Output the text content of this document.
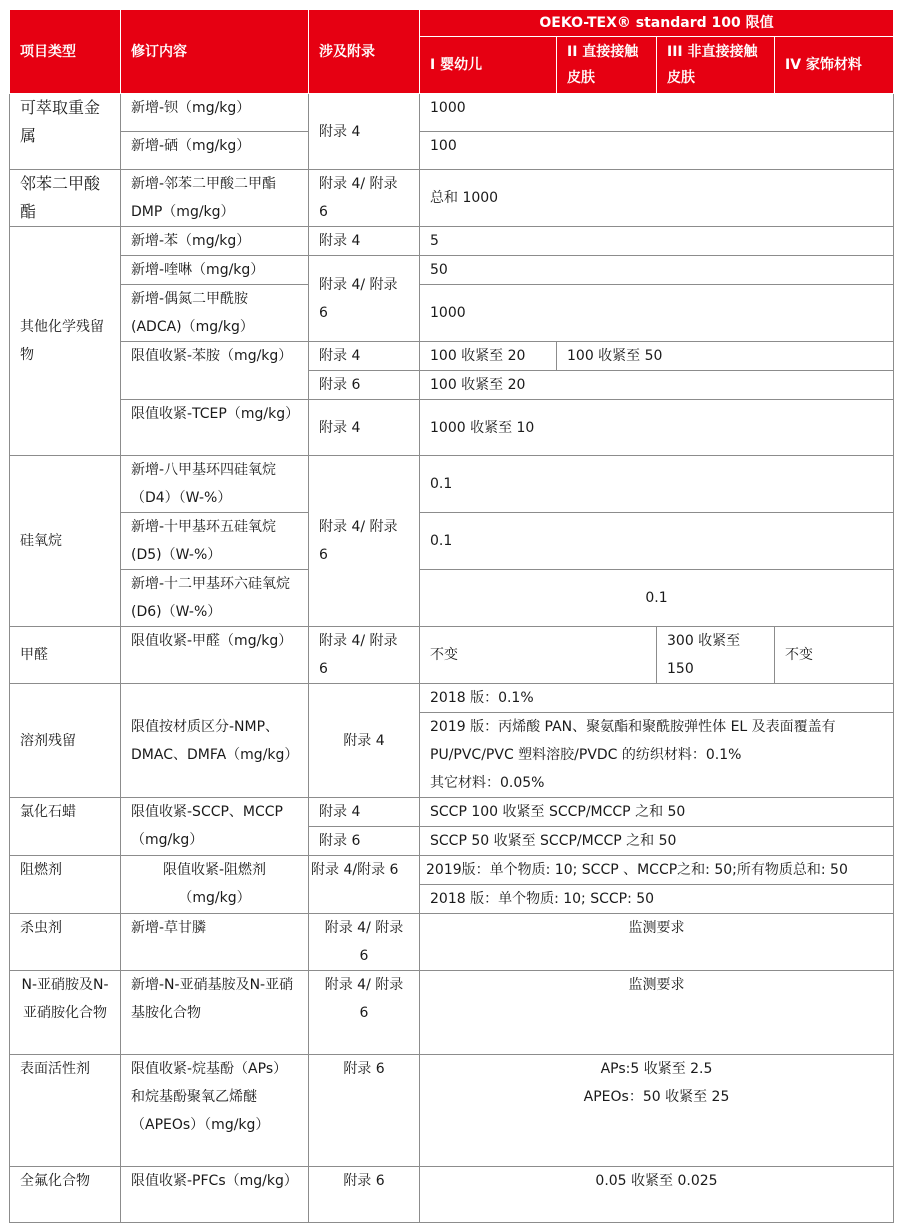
项目类型	修订内容	涉及附录	OEKO-TEX® standard 100 限值			
			I 婴幼儿	II 直接接触皮肤	III 非直接接触皮肤	IV 家饰材料
可萃取重金属	新增-钡（mg/kg）	附录 4	1000			
	新增-硒（mg/kg）		100			
邻苯二甲酸酯	新增-邻苯二甲酸二甲酯 DMP（mg/kg）	附录 4/ 附录 6	总和 1000			
其他化学残留物	新增-苯（mg/kg）	附录 4	5			
	新增-喹啉（mg/kg）	附录 4/ 附录 6	50			
	新增-偶氮二甲酰胺 (ADCA)（mg/kg）		1000			
	限值收紧-苯胺（mg/kg）	附录 4	100 收紧至 20	100 收紧至 50		
		附录 6	100 收紧至 20			
	限值收紧-TCEP（mg/kg）	附录 4	1000 收紧至 10			

硅氧烷	新增-八甲基环四硅氧烷（D4）（W-%）	附录 4/ 附录 6	0.1			
	新增-十甲基环五硅氧烷 (D5)（W-%）		0.1			
	新增-十二甲基环六硅氧烷 (D6)（W-%）		0.1			
甲醛	限值收紧-甲醛（mg/kg）	附录 4/ 附录 6	不变		300 收紧至 150	不变
溶剂残留	限值按材质区分-NMP、DMAC、DMFA（mg/kg）	附录 4	2018 版：0.1%			
			2019 版：丙烯酸 PAN、聚氨酯和聚酰胺弹性体 EL 及表面覆盖有 PU/PVC/PVC 塑料溶胶/PVDC 的纺织材料：0.1%
其它材料：0.05%			

氯化石蜡	限值收紧-SCCP、MCCP（mg/kg）	附录 4	SCCP 100 收紧至 SCCP/MCCP 之和 50			
		附录 6	SCCP 50 收紧至 SCCP/MCCP 之和 50			
阻燃剂	限值收紧-阻燃剂（mg/kg）	附录 4/附录 6	2019版：单个物质: 10; SCCP 、MCCP之和: 50;所有物质总和: 50			
			2018 版：单个物质: 10; SCCP: 50			
杀虫剂	新增-草甘膦	附录 4/ 附录 6	监测要求			
N-亚硝胺及N-亚硝胺化合物	新增-N-亚硝基胺及N-亚硝基胺化合物	附录 4/ 附录 6	监测要求			
表面活性剂	限值收紧-烷基酚（APs）和烷基酚聚氧乙烯醚（APEOs）（mg/kg）	附录 6	APs:5 收紧至 2.5
APEOs：50 收紧至 25			
全氟化合物	限值收紧-PFCs（mg/kg）	附录 6	0.05 收紧至 0.025			
